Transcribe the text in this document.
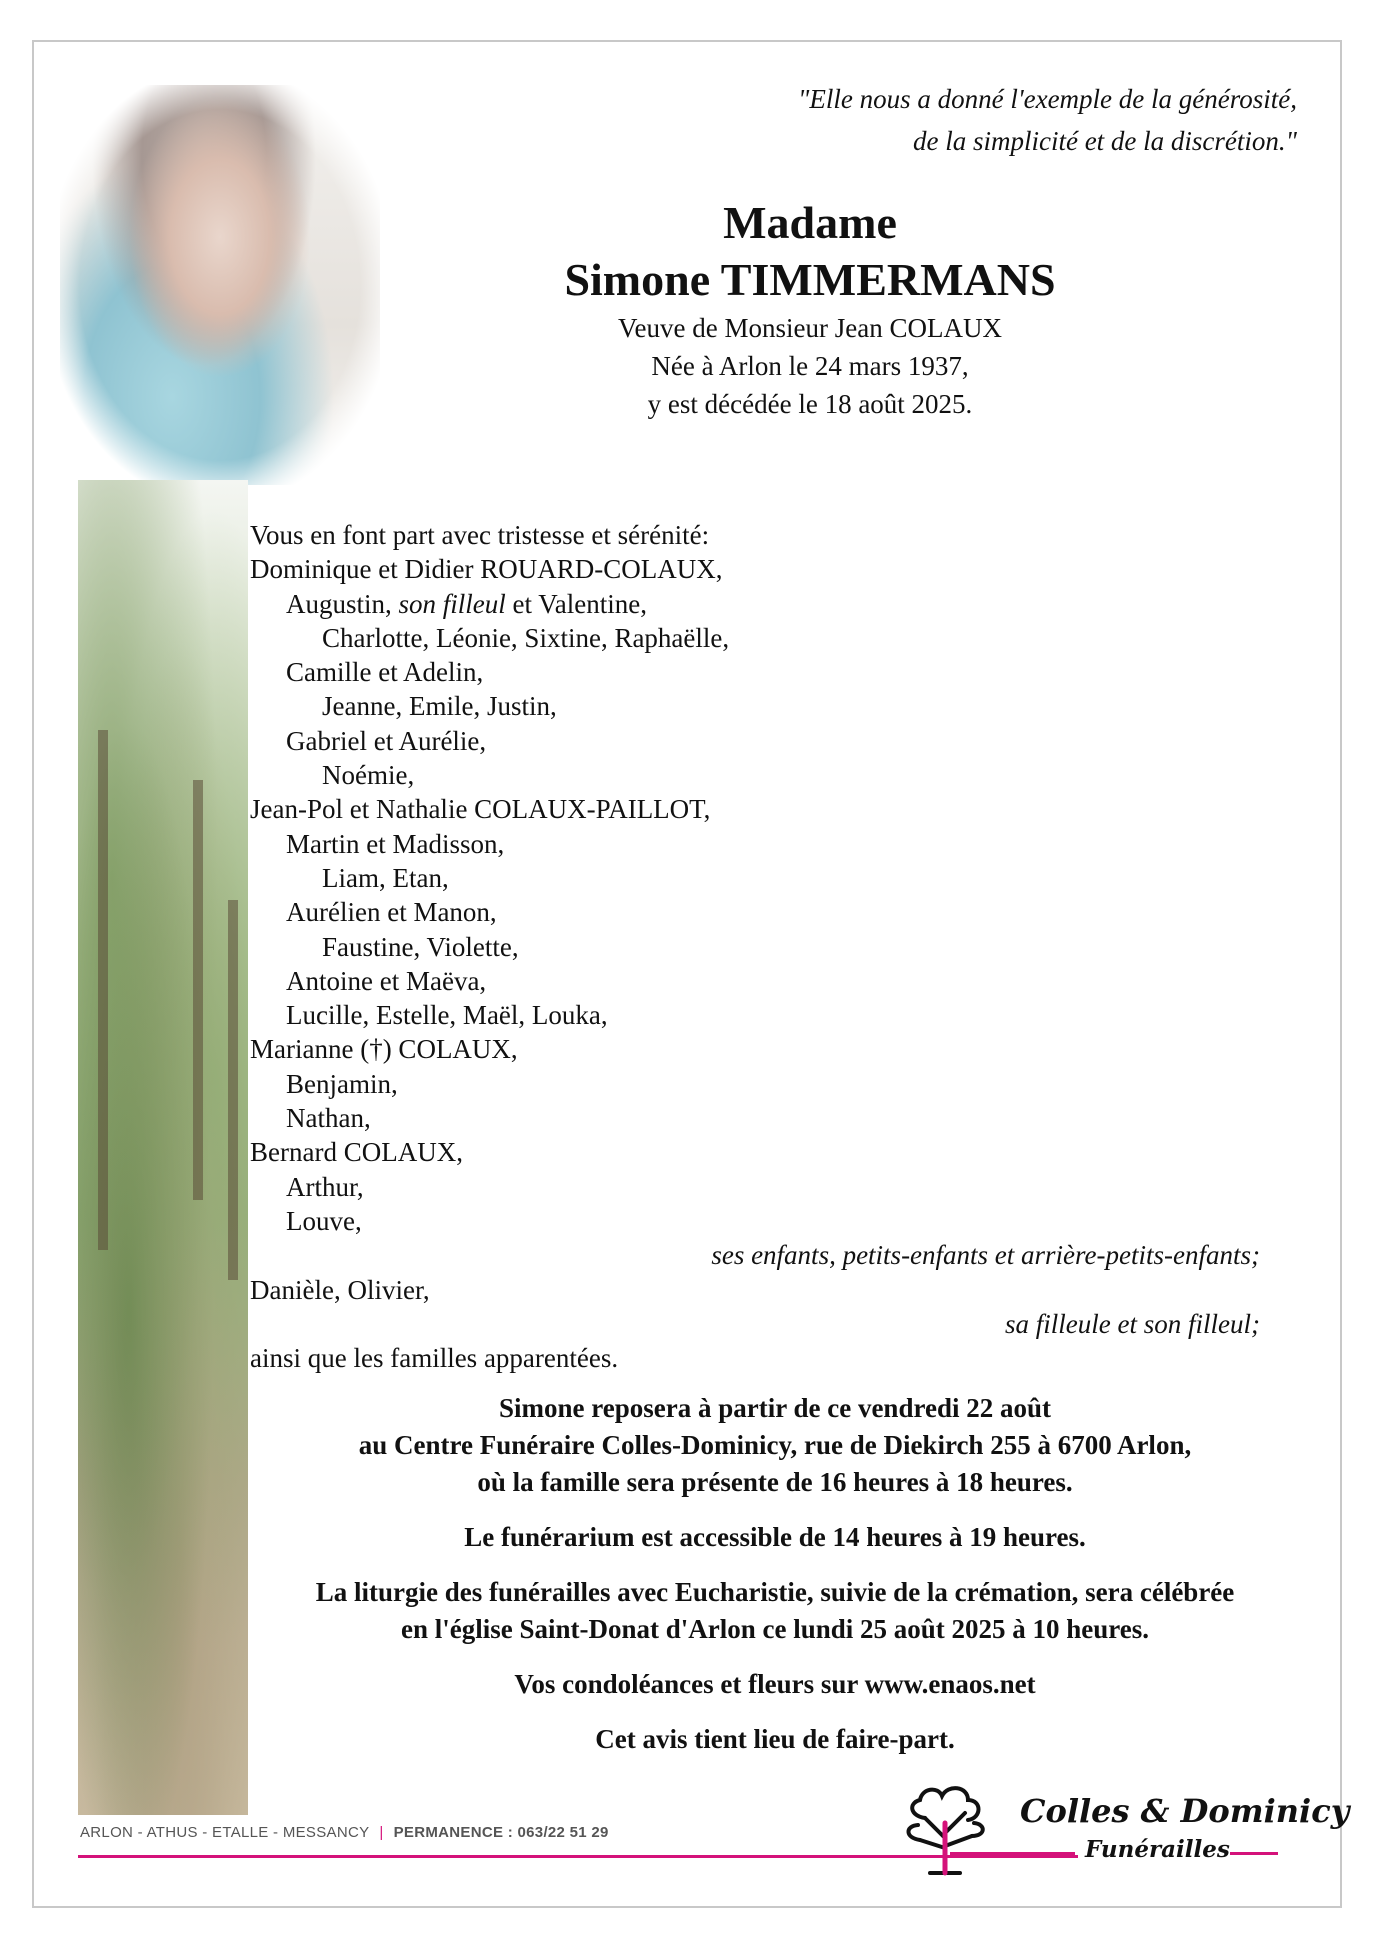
"Elle nous a donné l'exemple de la générosité,
de la simplicité et de la discrétion."
Madame
Simone TIMMERMANS
Veuve de Monsieur Jean COLAUX
Née à Arlon le 24 mars 1937,
y est décédée le 18 août 2025.
Vous en font part avec tristesse et sérénité:
Dominique et Didier ROUARD-COLAUX,
Augustin, son filleul et Valentine,
Charlotte, Léonie, Sixtine, Raphaëlle,
Camille et Adelin,
Jeanne, Emile, Justin,
Gabriel et Aurélie,
Noémie,
Jean-Pol et Nathalie COLAUX-PAILLOT,
Martin et Madisson,
Liam, Etan,
Aurélien et Manon,
Faustine, Violette,
Antoine et Maëva,
Lucille, Estelle, Maël, Louka,
Marianne (†) COLAUX,
Benjamin,
Nathan,
Bernard COLAUX,
Arthur,
Louve,
ses enfants, petits-enfants et arrière-petits-enfants;
Danièle, Olivier,
sa filleule et son filleul;
ainsi que les familles apparentées.
Simone reposera à partir de ce vendredi 22 août
au Centre Funéraire Colles-Dominicy, rue de Diekirch 255 à 6700 Arlon,
où la famille sera présente de 16 heures à 18 heures.
Le funérarium est accessible de 14 heures à 19 heures.
La liturgie des funérailles avec Eucharistie, suivie de la crémation, sera célébrée
en l'église Saint-Donat d'Arlon ce lundi 25 août 2025 à 10 heures.
Vos condoléances et fleurs sur www.enaos.net
Cet avis tient lieu de faire-part.
ARLON - ATHUS - ETALLE - MESSANCY | PERMANENCE : 063/22 51 29
Colles & Dominicy
Funérailles
